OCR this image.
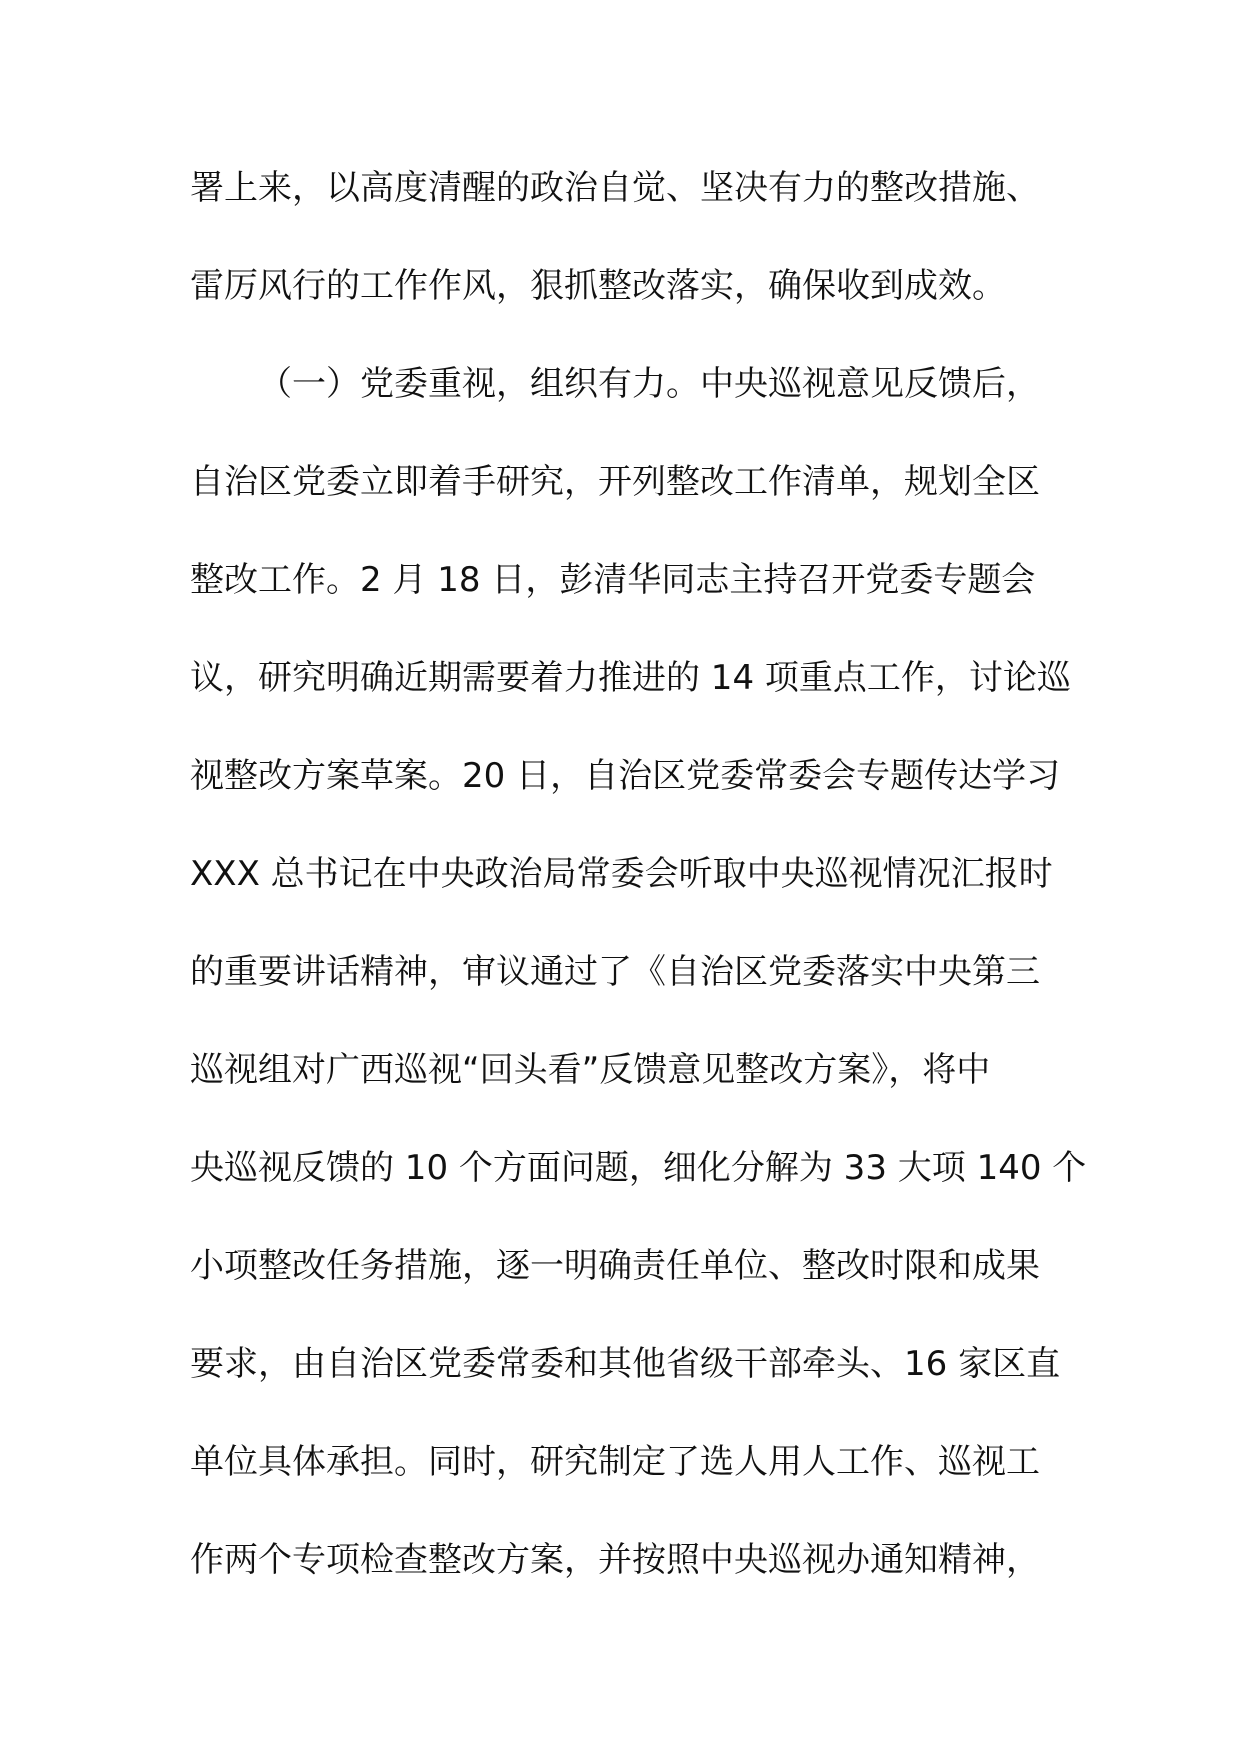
署上来，以高度清醒的政治自觉、坚决有力的整改措施、
雷厉风行的工作作风，狠抓整改落实，确保收到成效。
（一）党委重视，组织有力。中央巡视意见反馈后，
自治区党委立即着手研究，开列整改工作清单，规划全区
整改工作。2 月 18 日，彭清华同志主持召开党委专题会
议，研究明确近期需要着力推进的 14 项重点工作，讨论巡
视整改方案草案。20 日，自治区党委常委会专题传达学习
XXX 总书记在中央政治局常委会听取中央巡视情况汇报时
的重要讲话精神，审议通过了《自治区党委落实中央第三
巡视组对广西巡视“回头看”反馈意见整改方案》，将中
央巡视反馈的 10 个方面问题，细化分解为 33 大项 140 个
小项整改任务措施，逐一明确责任单位、整改时限和成果
要求，由自治区党委常委和其他省级干部牵头、16 家区直
单位具体承担。同时，研究制定了选人用人工作、巡视工
作两个专项检查整改方案，并按照中央巡视办通知精神，
